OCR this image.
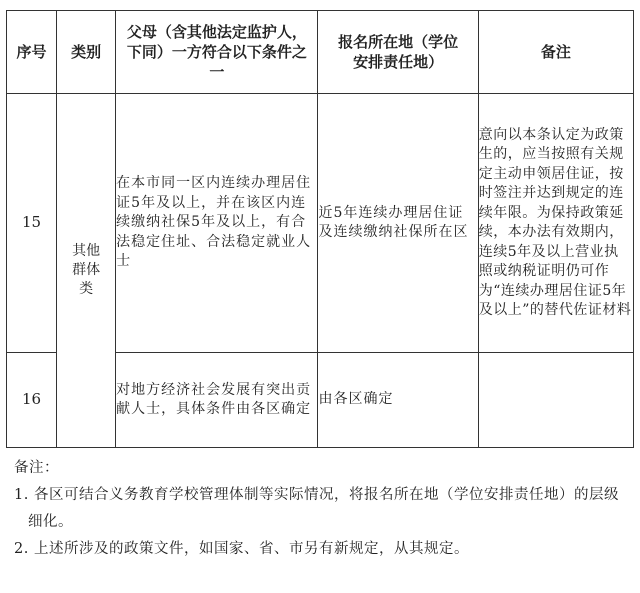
序号	类别	父母（含其他法定监护人，下同）一方符合以下条件之一	报名所在地（学位安排责任地）	备注
15	其他群体类	在本市同一区内连续办理居住证5年及以上，并在该区内连续缴纳社保5年及以上，有合法稳定住址、合法稳定就业人士	近5年连续办理居住证及连续缴纳社保所在区	意向以本条认定为政策生的，应当按照有关规定主动申领居住证，按时签注并达到规定的连续年限。为保持政策延续，本办法有效期内，连续5年及以上营业执照或纳税证明仍可作为“连续办理居住证5年及以上”的替代佐证材料
16		对地方经济社会发展有突出贡献人士，具体条件由各区确定	由各区确定	
备注：
1. 各区可结合义务教育学校管理体制等实际情况，将报名所在地（学位安排责任地）的层级细化。
2. 上述所涉及的政策文件，如国家、省、市另有新规定，从其规定。
